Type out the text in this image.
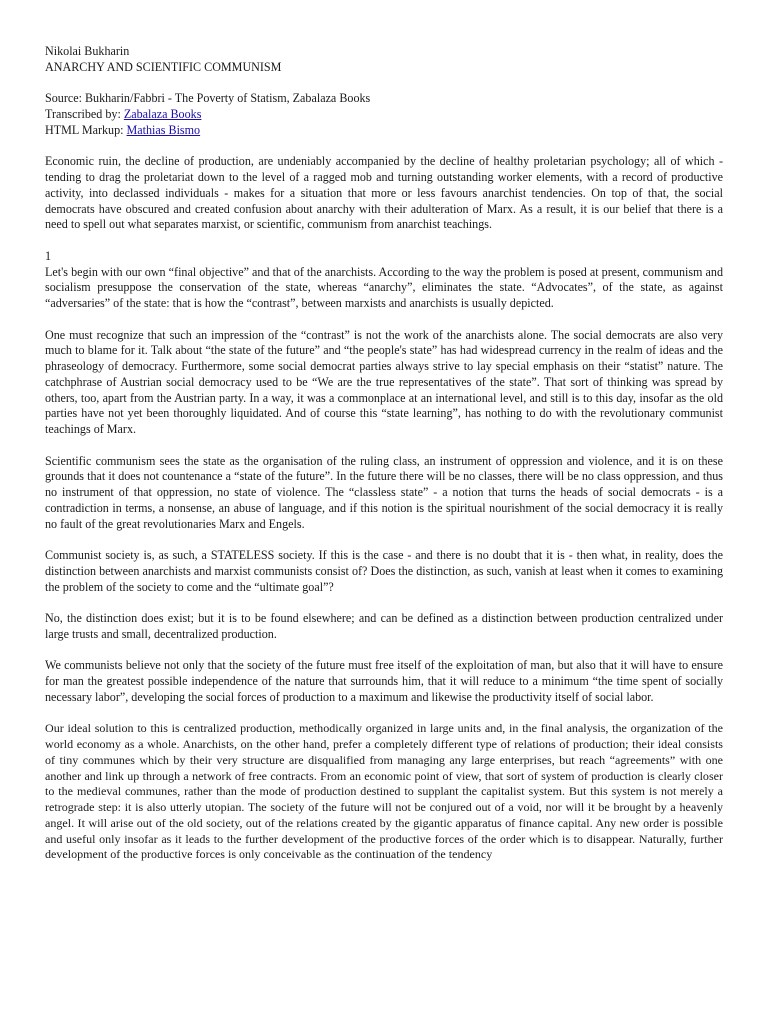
Nikolai Bukharin
ANARCHY AND SCIENTIFIC COMMUNISM
Source: Bukharin/Fabbri - The Poverty of Statism, Zabalaza Books
Transcribed by: Zabalaza Books
HTML Markup: Mathias Bismo

Economic ruin, the decline of production, are undeniably accompanied by the decline of healthy proletarian psychology; all of which - tending to drag the proletariat down to the level of a ragged mob and turning outstanding worker elements, with a record of productive activity, into declassed individuals - makes for a situation that more or less favours anarchist tendencies. On top of that, the social democrats have obscured and created confusion about anarchy with their adulteration of Marx. As a result, it is our belief that there is a need to spell out what separates marxist, or scientific, communism from anarchist teachings.

1

Let's begin with our own “final objective” and that of the anarchists. According to the way the problem is posed at present, communism and socialism presuppose the conservation of the state, whereas “anarchy”, eliminates the state. “Advocates”, of the state, as against “adversaries” of the state: that is how the “contrast”, between marxists and anarchists is usually depicted.

One must recognize that such an impression of the “contrast” is not the work of the anarchists alone. The social democrats are also very much to blame for it. Talk about “the state of the future” and “the people's state” has had widespread currency in the realm of ideas and the phraseology of democracy. Furthermore, some social democrat parties always strive to lay special emphasis on their “statist” nature. The catchphrase of Austrian social democracy used to be “We are the true representatives of the state”. That sort of thinking was spread by others, too, apart from the Austrian party. In a way, it was a commonplace at an international level, and still is to this day, insofar as the old parties have not yet been thoroughly liquidated. And of course this “state learning”, has nothing to do with the revolutionary communist teachings of Marx.

Scientific communism sees the state as the organisation of the ruling class, an instrument of oppression and violence, and it is on these grounds that it does not countenance a “state of the future”. In the future there will be no classes, there will be no class oppression, and thus no instrument of that oppression, no state of violence. The “classless state” - a notion that turns the heads of social democrats - is a contradiction in terms, a nonsense, an abuse of language, and if this notion is the spiritual nourishment of the social democracy it is really no fault of the great revolutionaries Marx and Engels.

Communist society is, as such, a STATELESS society. If this is the case - and there is no doubt that it is - then what, in reality, does the distinction between anarchists and marxist communists consist of? Does the distinction, as such, vanish at least when it comes to examining the problem of the society to come and the “ultimate goal”?

No, the distinction does exist; but it is to be found elsewhere; and can be defined as a distinction between production centralized under large trusts and small, decentralized production.

We communists believe not only that the society of the future must free itself of the exploitation of man, but also that it will have to ensure for man the greatest possible independence of the nature that surrounds him, that it will reduce to a minimum “the time spent of socially necessary labor”, developing the social forces of production to a maximum and likewise the productivity itself of social labor.

Our ideal solution to this is centralized production, methodically organized in large units and, in the final analysis, the organization of the world economy as a whole. Anarchists, on the other hand, prefer a completely different type of relations of production; their ideal consists of tiny communes which by their very structure are disqualified from managing any large enterprises, but reach “agreements” with one another and link up through a network of free contracts. From an economic point of view, that sort of system of production is clearly closer to the medieval communes, rather than the mode of production destined to supplant the capitalist system. But this system is not merely a retrograde step: it is also utterly utopian. The society of the future will not be conjured out of a void, nor will it be brought by a heavenly angel. It will arise out of the old society, out of the relations created by the gigantic apparatus of finance capital. Any new order is possible and useful only insofar as it leads to the further development of the productive forces of the order which is to disappear. Naturally, further development of the productive forces is only conceivable as the continuation of the tendency
